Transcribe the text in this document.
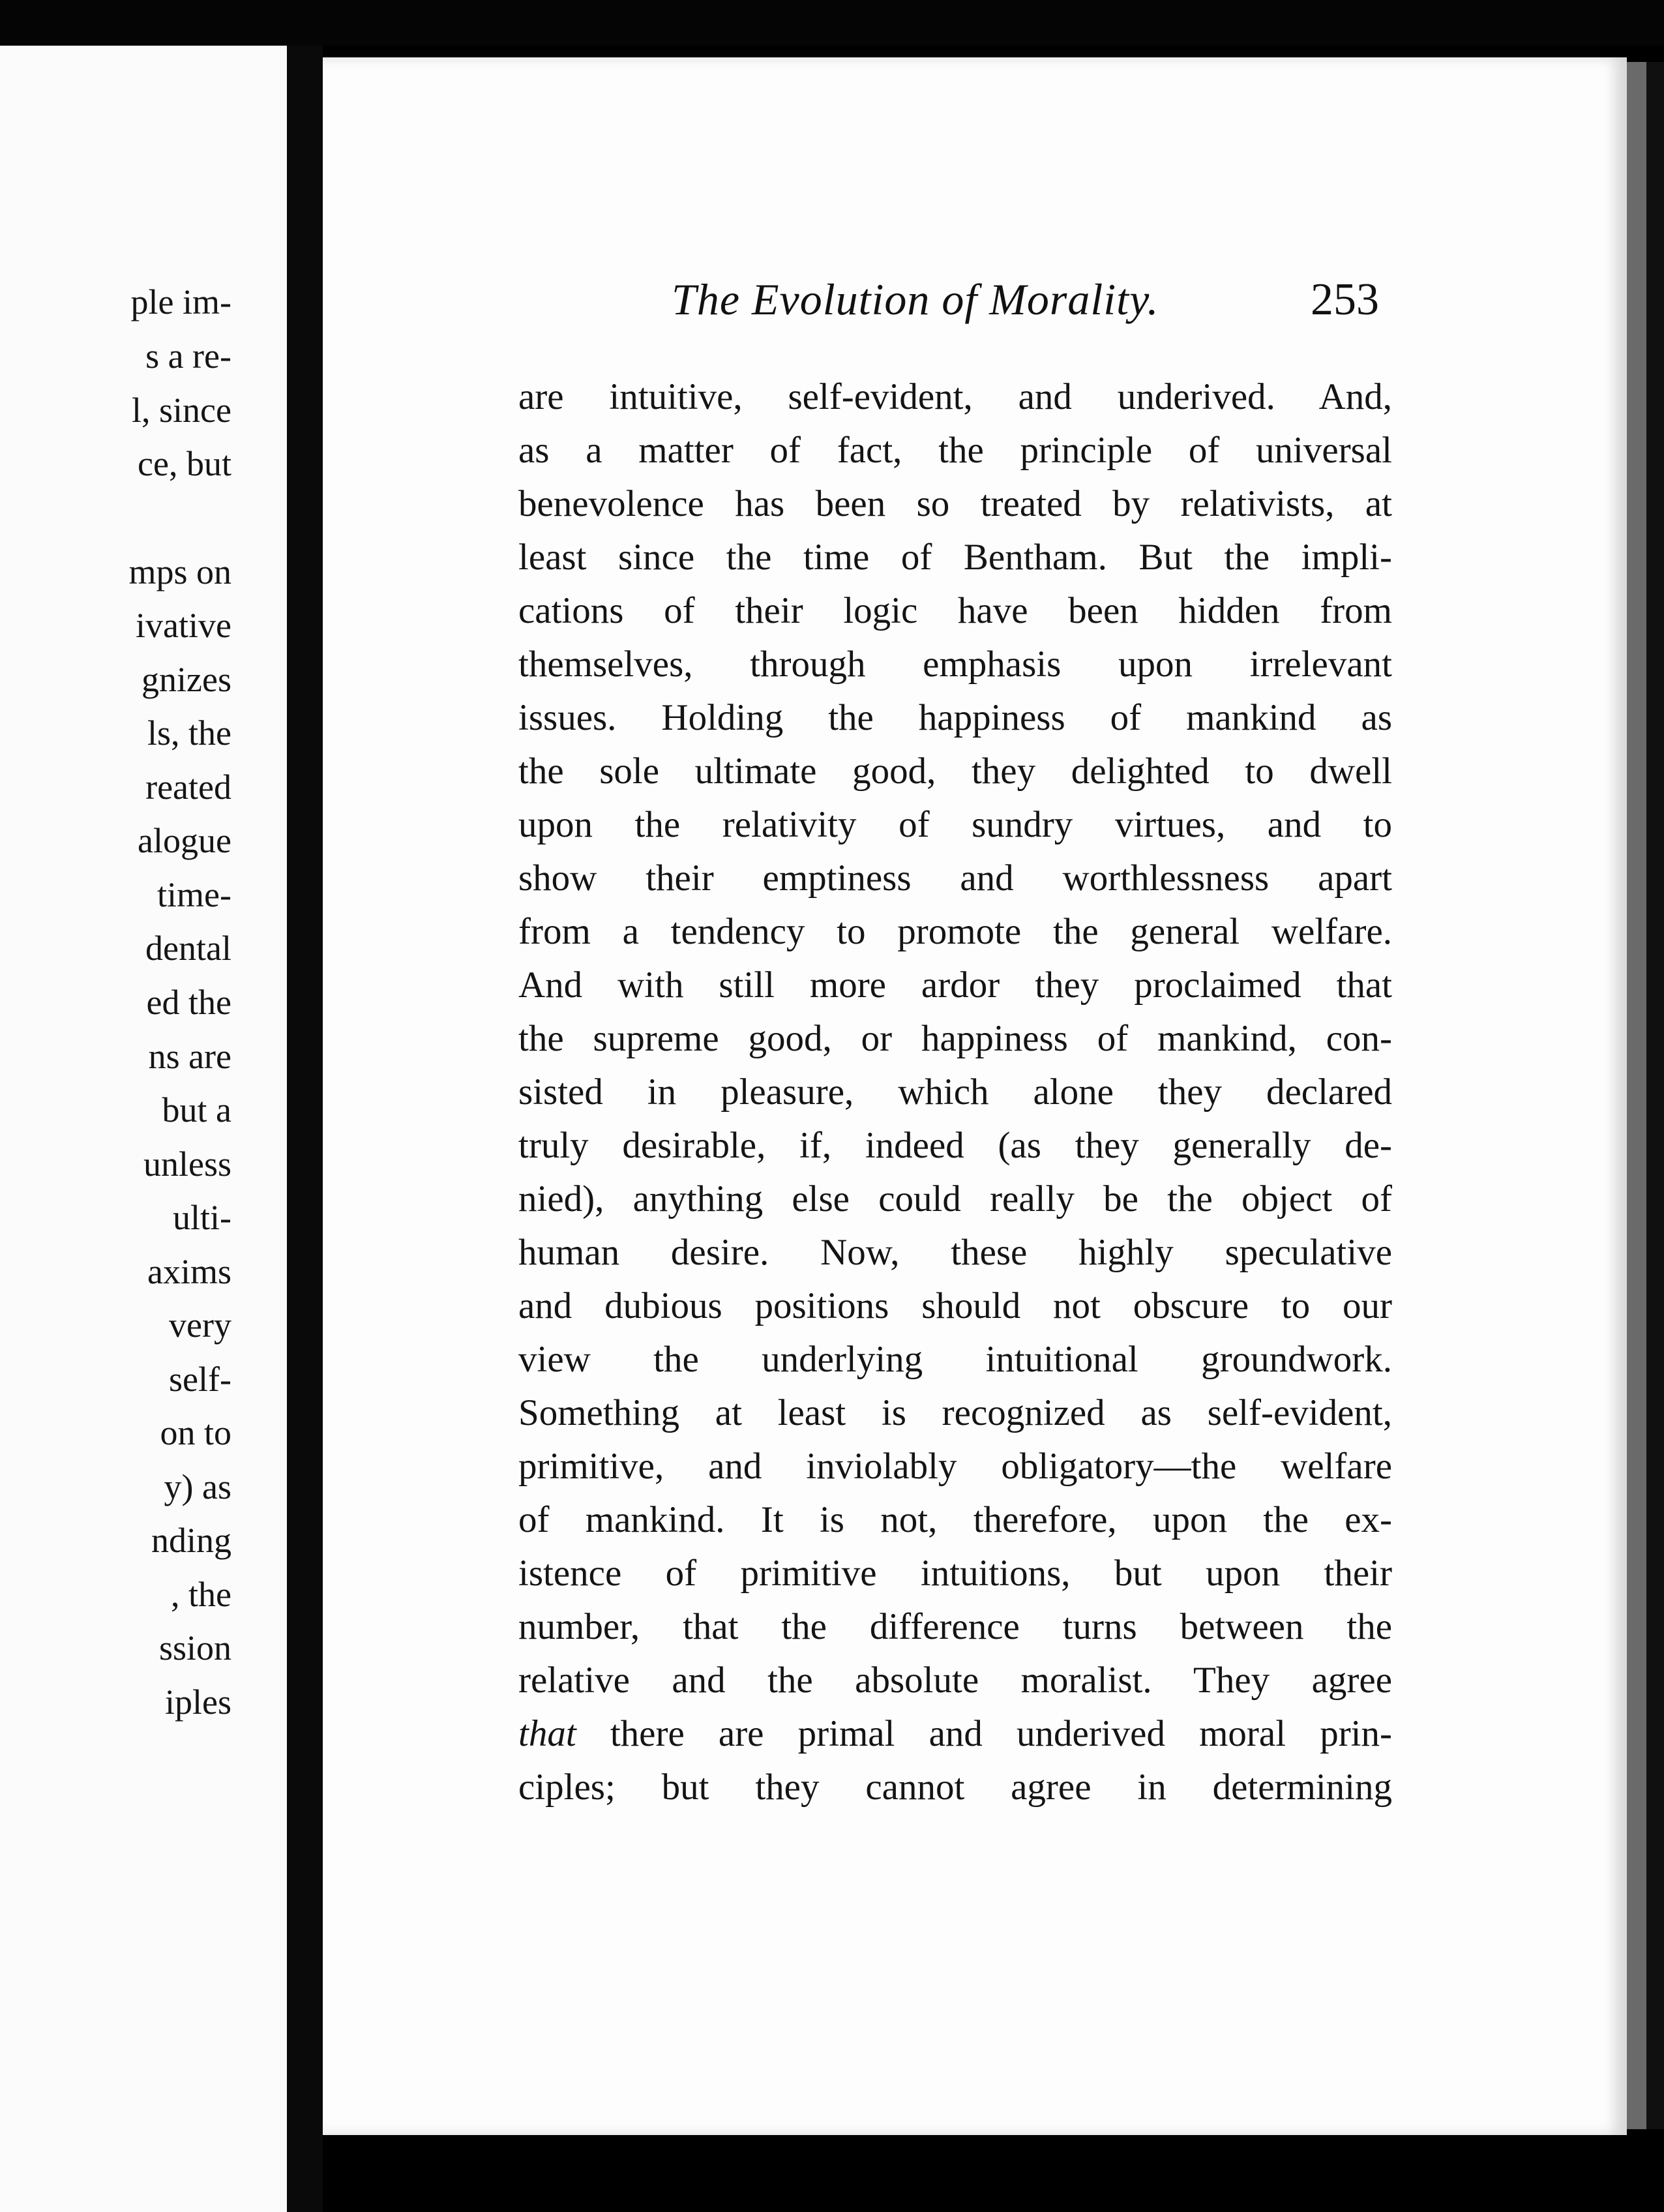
ple im-
s a re-
l, since
ce, but
mps on
ivative
gnizes
ls, the
reated
alogue
time-
dental
ed the
ns are
but a
unless
ulti-
axims
very
self-
on to
y) as
nding
, the
ssion
iples
The Evolution of Morality.	253
are intuitive, self-evident, and underived. And,
as a matter of fact, the principle of universal
benevolence has been so treated by relativists, at
least since the time of Bentham. But the impli-
cations of their logic have been hidden from
themselves, through emphasis upon irrelevant
issues. Holding the happiness of mankind as
the sole ultimate good, they delighted to dwell
upon the relativity of sundry virtues, and to
show their emptiness and worthlessness apart
from a tendency to promote the general welfare.
And with still more ardor they proclaimed that
the supreme good, or happiness of mankind, con-
sisted in pleasure, which alone they declared
truly desirable, if, indeed (as they generally de-
nied), anything else could really be the object of
human desire. Now, these highly speculative
and dubious positions should not obscure to our
view the underlying intuitional groundwork.
Something at least is recognized as self-evident,
primitive, and inviolably obligatory—the welfare
of mankind. It is not, therefore, upon the ex-
istence of primitive intuitions, but upon their
number, that the difference turns between the
relative and the absolute moralist. They agree
that there are primal and underived moral prin-
ciples; but they cannot agree in determining
